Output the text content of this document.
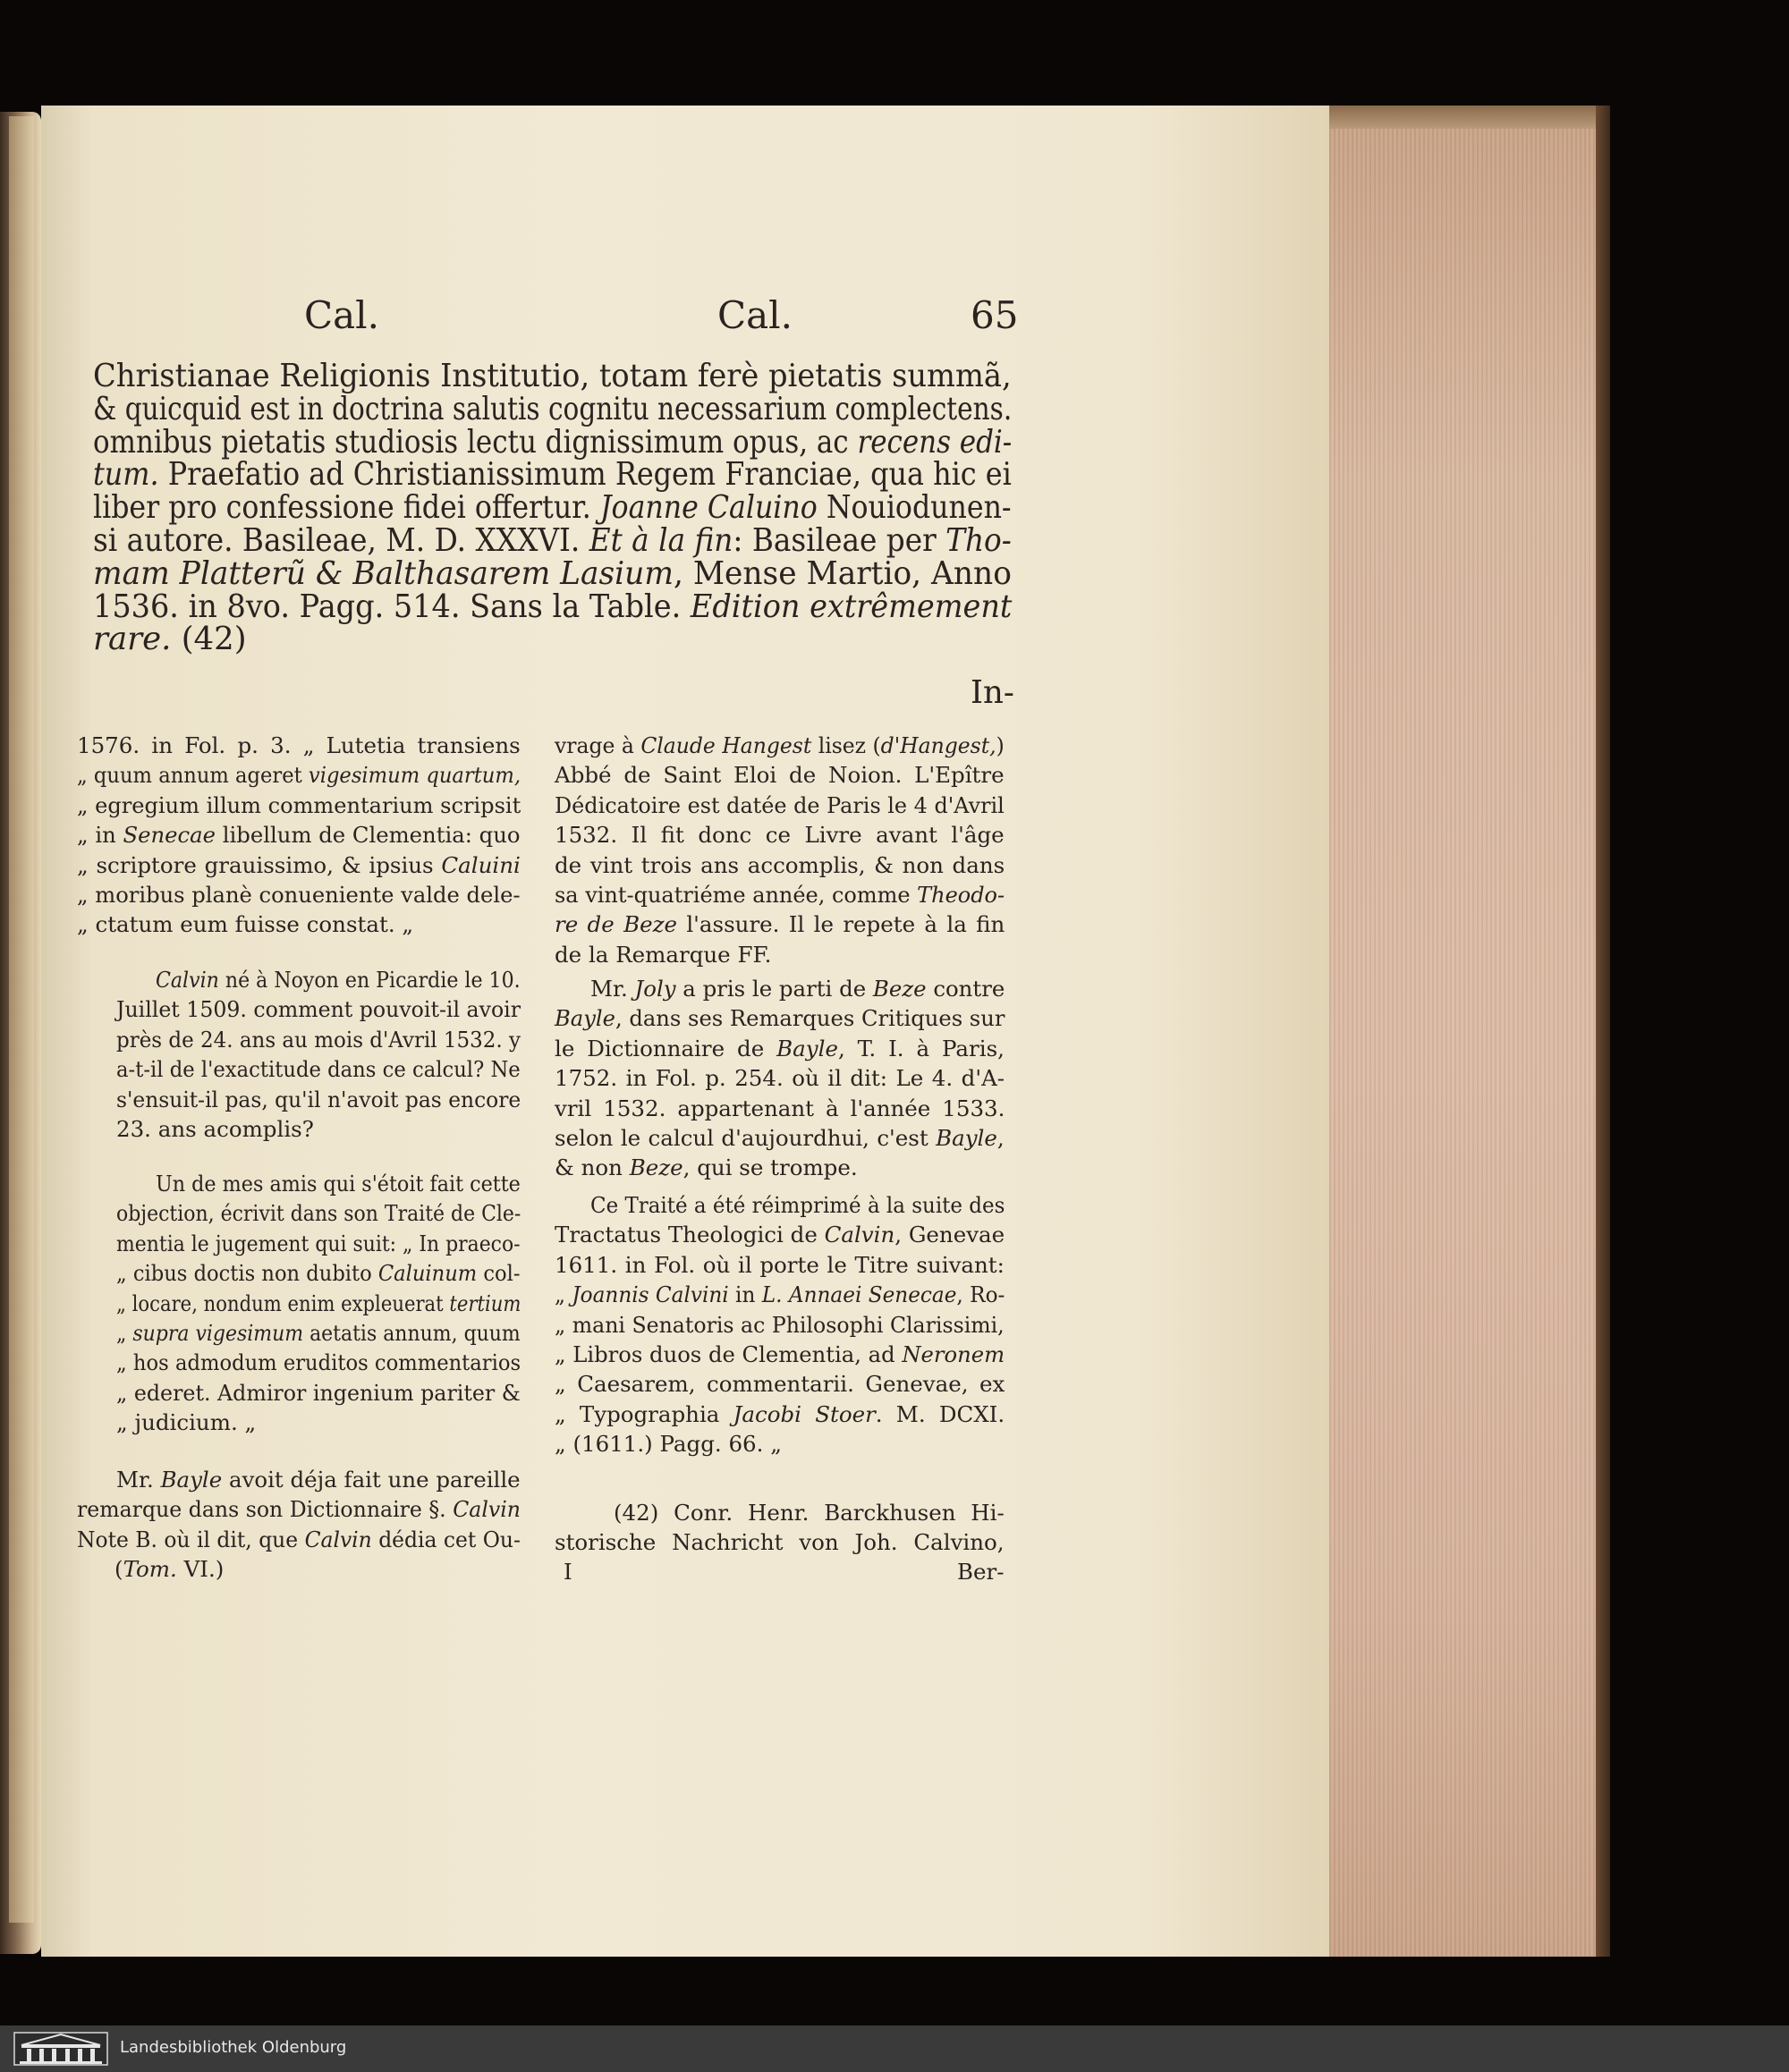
Cal.	Cal.	65
Christianae Religionis Institutio, totam ferè pietatis summã,
& quicquid est in doctrina salutis cognitu necessarium complectens.
omnibus pietatis studiosis lectu dignissimum opus, ac recens edi-
tum. Praefatio ad Christianissimum Regem Franciae, qua hic ei
liber pro confessione fidei offertur. Joanne Caluino Nouiodunen-
si autore. Basileae, M. D. XXXVI. Et à la fin: Basileae per Tho-
mam Platterũ & Balthasarem Lasium, Mense Martio, Anno
1536. in 8vo. Pagg. 514. Sans la Table. Edition extrêmement
rare. (42)
In-
1576. in Fol. p. 3. „ Lutetia transiens
„ quum annum ageret vigesimum quartum,
„ egregium illum commentarium scripsit
„ in Senecae libellum de Clementia: quo
„ scriptore grauissimo, & ipsius Caluini
„ moribus planè conueniente valde dele-
„ ctatum eum fuisse constat. „
Calvin né à Noyon en Picardie le 10.
Juillet 1509. comment pouvoit-il avoir
près de 24. ans au mois d'Avril 1532. y
a-t-il de l'exactitude dans ce calcul? Ne
s'ensuit-il pas, qu'il n'avoit pas encore
23. ans acomplis?
Un de mes amis qui s'étoit fait cette
objection, écrivit dans son Traité de Cle-
mentia le jugement qui suit: „ In praeco-
„ cibus doctis non dubito Caluinum col-
„ locare, nondum enim expleuerat tertium
„ supra vigesimum aetatis annum, quum
„ hos admodum eruditos commentarios
„ ederet. Admiror ingenium pariter &
„ judicium. „
Mr. Bayle avoit déja fait une pareille
remarque dans son Dictionnaire §. Calvin
Note B. où il dit, que Calvin dédia cet Ou-
(Tom. VI.)
vrage à Claude Hangest lisez (d'Hangest,)
Abbé de Saint Eloi de Noion. L'Epître
Dédicatoire est datée de Paris le 4 d'Avril
1532. Il fit donc ce Livre avant l'âge
de vint trois ans accomplis, & non dans
sa vint-quatriéme année, comme Theodo-
re de Beze l'assure. Il le repete à la fin
de la Remarque FF.
Mr. Joly a pris le parti de Beze contre
Bayle, dans ses Remarques Critiques sur
le Dictionnaire de Bayle, T. I. à Paris,
1752. in Fol. p. 254. où il dit: Le 4. d'A-
vril 1532. appartenant à l'année 1533.
selon le calcul d'aujourdhui, c'est Bayle,
& non Beze, qui se trompe.
Ce Traité a été réimprimé à la suite des
Tractatus Theologici de Calvin, Genevae
1611. in Fol. où il porte le Titre suivant:
„ Joannis Calvini in L. Annaei Senecae, Ro-
„ mani Senatoris ac Philosophi Clarissimi,
„ Libros duos de Clementia, ad Neronem
„ Caesarem, commentarii. Genevae, ex
„ Typographia Jacobi Stoer. M. DCXI.
„ (1611.) Pagg. 66. „
(42) Conr. Henr. Barckhusen Hi-
storische Nachricht von Joh. Calvino,
I	Ber-
Landesbibliothek Oldenburg
